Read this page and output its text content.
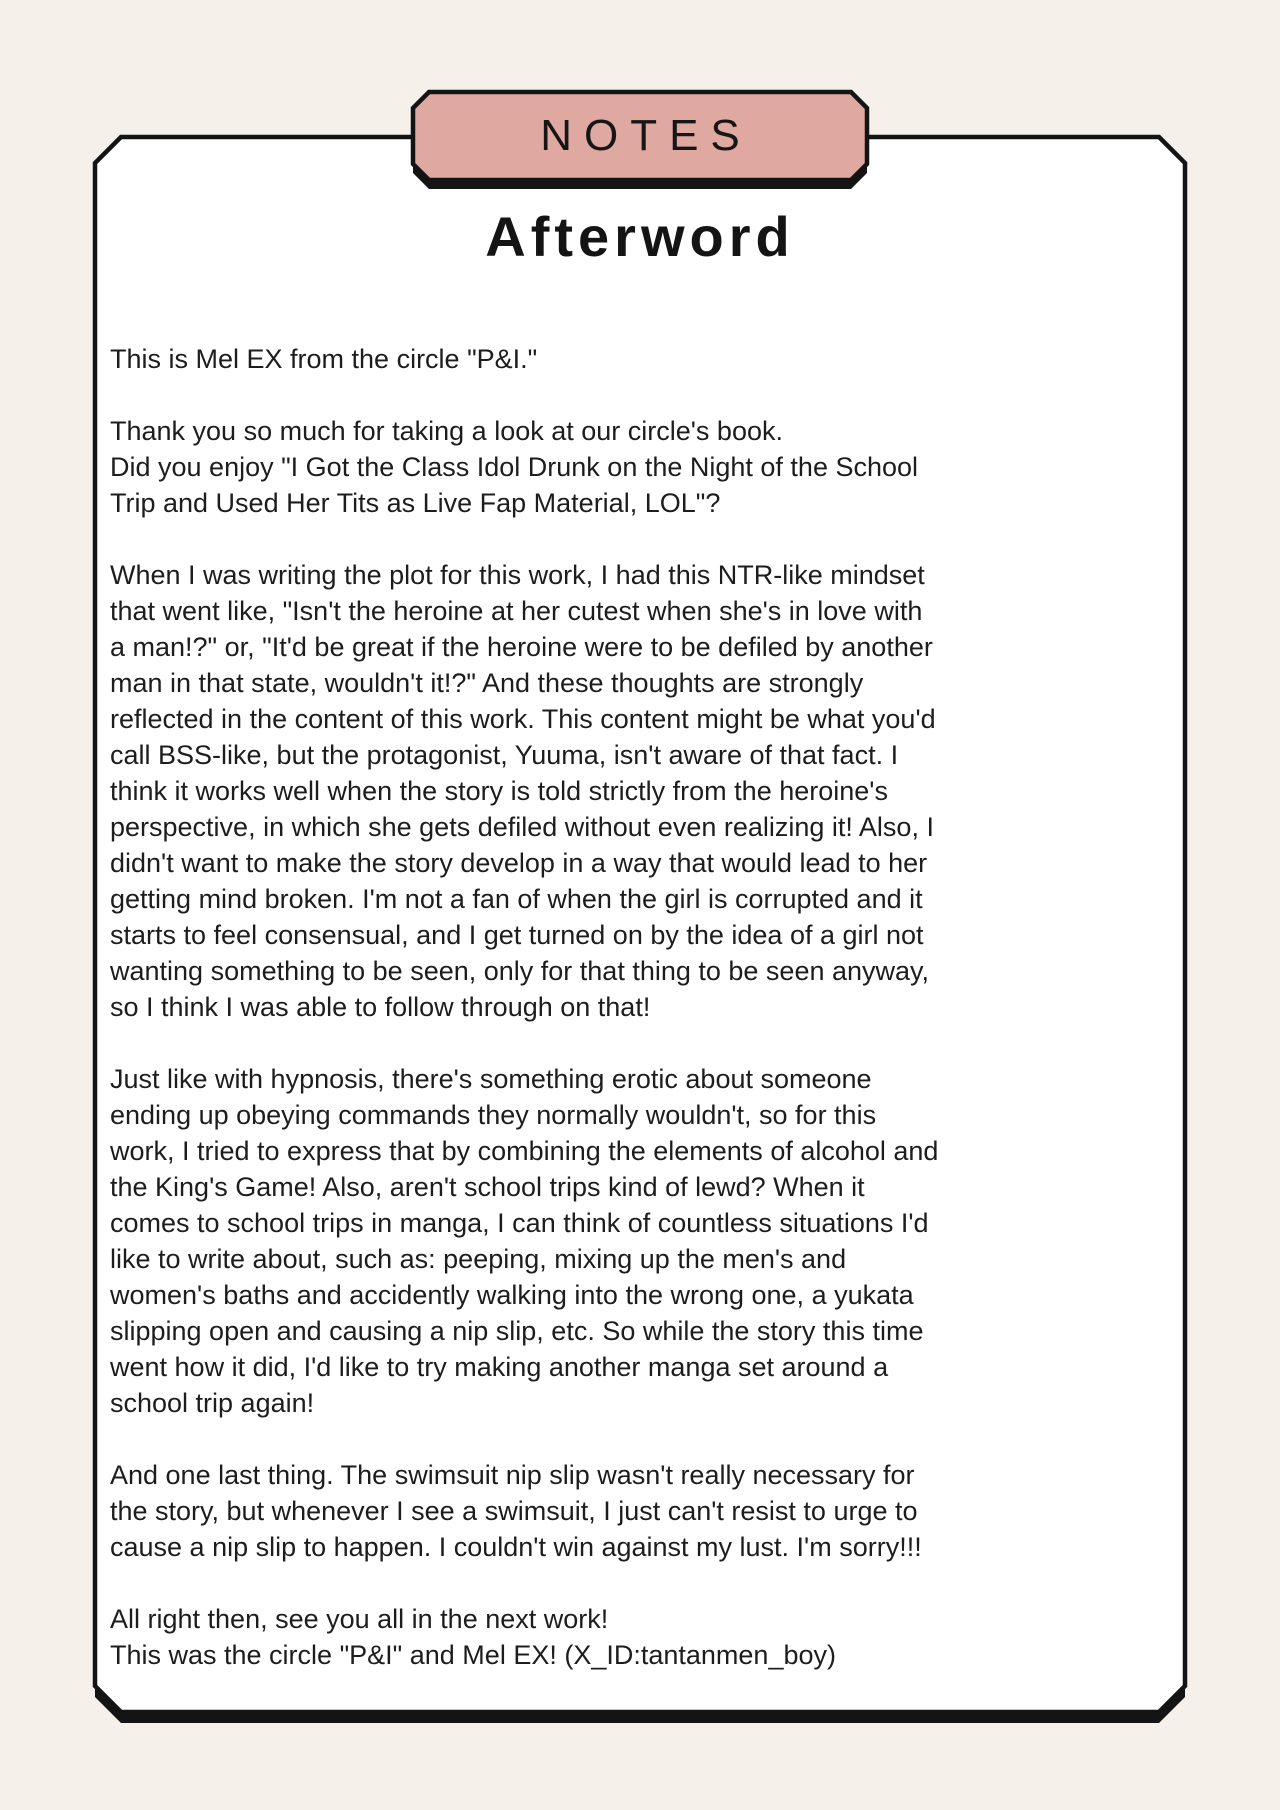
NOTES
Afterword
This is Mel EX from the circle "P&I."
Thank you so much for taking a look at our circle's book.
Did you enjoy "I Got the Class Idol Drunk on the Night of the School
Trip and Used Her Tits as Live Fap Material, LOL"?
When I was writing the plot for this work, I had this NTR-like mindset
that went like, "Isn't the heroine at her cutest when she's in love with
a man!?" or, "It'd be great if the heroine were to be defiled by another
man in that state, wouldn't it!?" And these thoughts are strongly
reflected in the content of this work. This content might be what you'd
call BSS-like, but the protagonist, Yuuma, isn't aware of that fact. I
think it works well when the story is told strictly from the heroine's
perspective, in which she gets defiled without even realizing it! Also, I
didn't want to make the story develop in a way that would lead to her
getting mind broken. I'm not a fan of when the girl is corrupted and it
starts to feel consensual, and I get turned on by the idea of a girl not
wanting something to be seen, only for that thing to be seen anyway,
so I think I was able to follow through on that!
Just like with hypnosis, there's something erotic about someone
ending up obeying commands they normally wouldn't, so for this
work, I tried to express that by combining the elements of alcohol and
the King's Game! Also, aren't school trips kind of lewd? When it
comes to school trips in manga, I can think of countless situations I'd
like to write about, such as: peeping, mixing up the men's and
women's baths and accidently walking into the wrong one, a yukata
slipping open and causing a nip slip, etc. So while the story this time
went how it did, I'd like to try making another manga set around a
school trip again!
And one last thing. The swimsuit nip slip wasn't really necessary for
the story, but whenever I see a swimsuit, I just can't resist to urge to
cause a nip slip to happen. I couldn't win against my lust. I'm sorry!!!
All right then, see you all in the next work!
This was the circle "P&I" and Mel EX! (X_ID:tantanmen_boy)
